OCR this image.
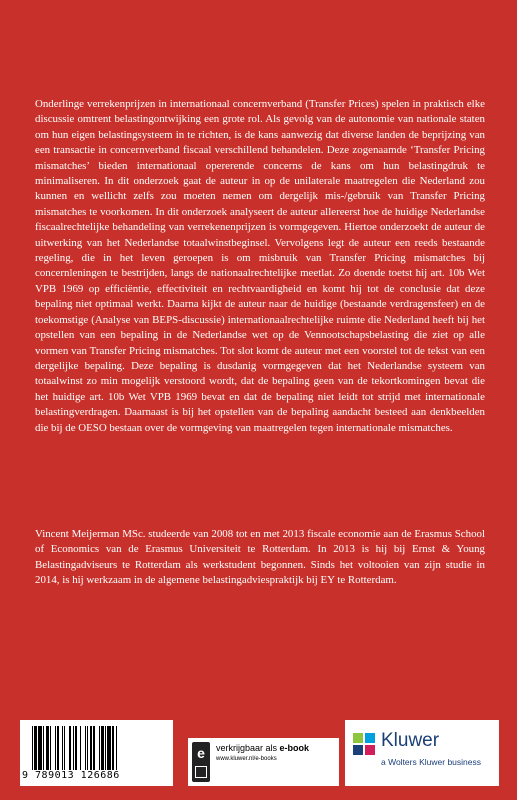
Onderlinge verrekenprijzen in internationaal concernverband (Transfer Prices) spelen in praktisch elke discussie omtrent belastingontwijking een grote rol. Als gevolg van de autonomie van nationale staten om hun eigen belastingsysteem in te richten, is de kans aanwezig dat diverse landen de beprijzing van een transactie in concernverband fiscaal verschillend behandelen. Deze zogenaamde ‘Transfer Pricing mismatches’ bieden internationaal opererende concerns de kans om hun belastingdruk te minimaliseren. In dit onderzoek gaat de auteur in op de unilaterale maatregelen die Nederland zou kunnen en wellicht zelfs zou moeten nemen om dergelijk mis-/gebruik van Transfer Pricing mismatches te voorkomen. In dit onderzoek analyseert de auteur allereerst hoe de huidige Nederlandse fiscaalrechtelijke behandeling van verrekenenprijzen is vormgegeven. Hiertoe onderzoekt de auteur de uitwerking van het Nederlandse totaalwinstbeginsel. Vervolgens legt de auteur een reeds bestaande regeling, die in het leven geroepen is om misbruik van Transfer Pricing mismatches bij concernleningen te bestrijden, langs de nationaalrechtelijke meetlat. Zo doende toetst hij art. 10b Wet VPB 1969 op efficiëntie, effectiviteit en rechtvaardigheid en komt hij tot de conclusie dat deze bepaling niet optimaal werkt. Daarna kijkt de auteur naar de huidige (bestaande verdragensfeer) en de toekomstige (Analyse van BEPS-discussie) internationaalrechtelijke ruimte die Nederland heeft bij het opstellen van een bepaling in de Nederlandse wet op de Vennootschapsbelasting die ziet op alle vormen van Transfer Pricing mismatches. Tot slot komt de auteur met een voorstel tot de tekst van een dergelijke bepaling. Deze bepaling is dusdanig vormgegeven dat het Nederlandse systeem van totaalwinst zo min mogelijk verstoord wordt, dat de bepaling geen van de tekortkomingen bevat die het huidige art. 10b Wet VPB 1969 bevat en dat de bepaling niet leidt tot strijd met internationale belastingverdragen. Daarnaast is bij het opstellen van de bepaling aandacht besteed aan denkbeelden die bij de OESO bestaan over de vormgeving van maatregelen tegen internationale mismatches.

Vincent Meijerman MSc. studeerde van 2008 tot en met 2013 fiscale economie aan de Erasmus School of Economics van de Erasmus Universiteit te Rotterdam. In 2013 is hij bij Ernst & Young Belastingadviseurs te Rotterdam als werkstudent begonnen. Sinds het voltooien van zijn studie in 2014, is hij werkzaam in de algemene belastingadviespraktijk bij EY te Rotterdam.

9 789013 126686
e	verkrijgbaar als e-book
www.kluwer.nl/e-books
Kluwer
a Wolters Kluwer business
